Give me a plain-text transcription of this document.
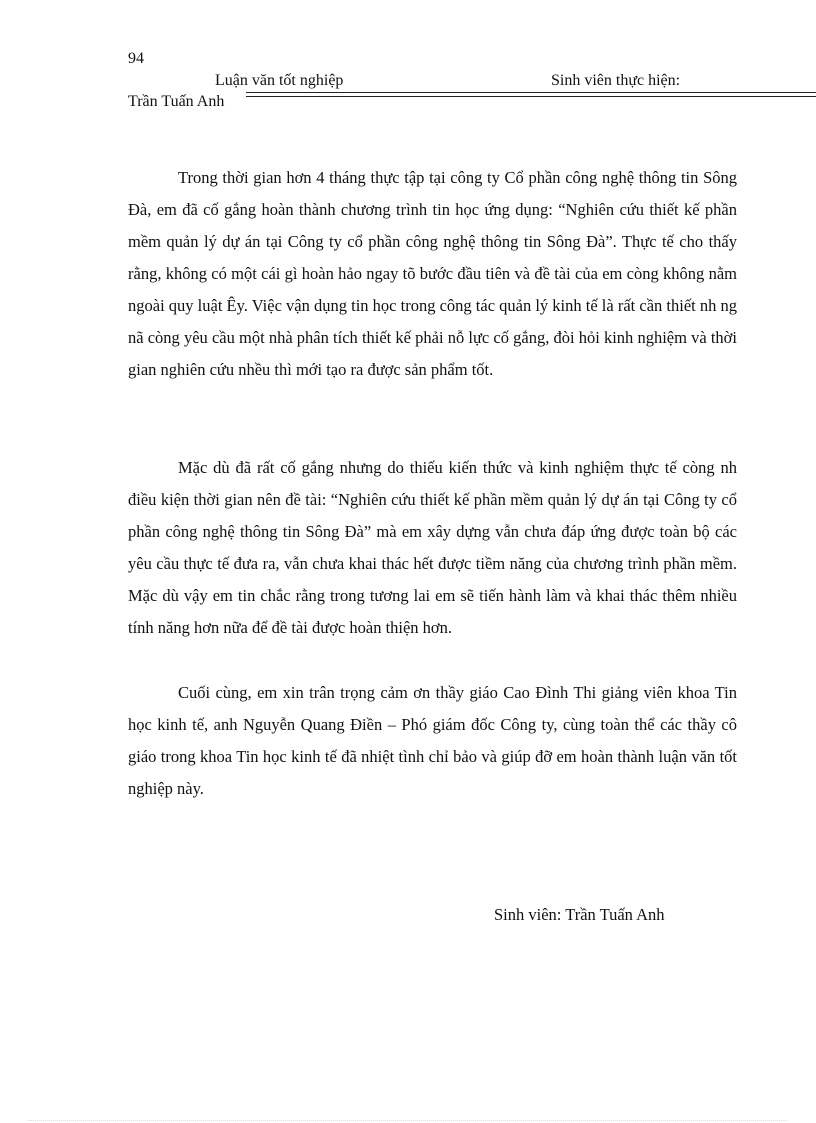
94
Luận văn tốt nghiệp	Sinh viên thực hiện:
Trần Tuấn Anh

Trong thời gian hơn 4 tháng thực tập tại công ty Cổ phần công nghệ thông tin Sông Đà, em đã cố gắng hoàn thành chương trình tin học ứng dụng: “Nghiên cứu thiết kế phần mềm quản lý dự án tại Công ty cổ phần công nghệ thông tin Sông Đà”. Thực tế cho thấy rằng, không có một cái gì hoàn hảo ngay tõ bước đầu tiên và đề tài của em còng không nằm ngoài quy luật Êy. Việc vận dụng tin học trong công tác quản lý kinh tế là rất cần thiết nh ng nã còng yêu cầu một nhà phân tích thiết kế phải nỗ lực cố gắng, đòi hỏi kinh nghiệm và thời gian nghiên cứu nhều thì mới tạo ra được sản phẩm tốt.

Mặc dù đã rất cố gắng nhưng do thiếu kiến thức và kinh nghiệm thực tế còng nh điều kiện thời gian nên đề tài: “Nghiên cứu thiết kế phần mềm quản lý dự án tại Công ty cổ phần công nghệ thông tin Sông Đà” mà em xây dựng vẫn chưa đáp ứng được toàn bộ các yêu cầu thực tế đưa ra, vẫn chưa khai thác hết được tiềm năng của chương trình phần mềm. Mặc dù vậy em tin chắc rằng trong tương lai em sẽ tiến hành làm và khai thác thêm nhiều tính năng hơn nữa để đề tài được hoàn thiện hơn.

Cuối cùng, em xin trân trọng cảm ơn thầy giáo Cao Đình Thi giảng viên khoa Tin học kinh tế, anh Nguyễn Quang Điền – Phó giám đốc Công ty, cùng toàn thể các thầy cô giáo trong khoa Tin học kinh tế đã nhiệt tình chỉ bảo và giúp đỡ em hoàn thành luận văn tốt nghiệp này.

Sinh viên: Trần Tuấn Anh
